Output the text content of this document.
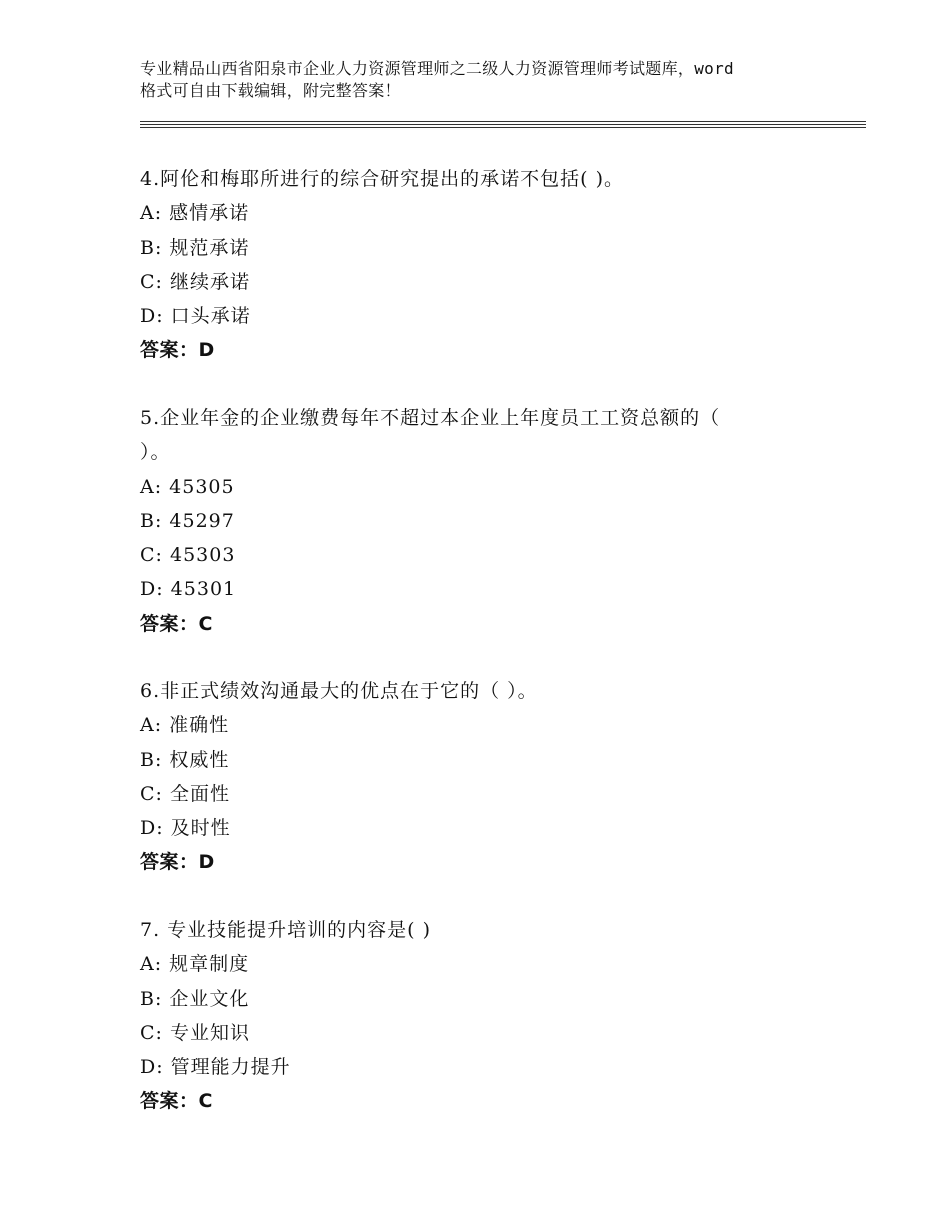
专业精品山西省阳泉市企业人力资源管理师之二级人力资源管理师考试题库，word
格式可自由下载编辑，附完整答案！
4.阿伦和梅耶所进行的综合研究提出的承诺不包括( )。
A: 感情承诺
B: 规范承诺
C: 继续承诺
D: 口头承诺
答案：D
5.企业年金的企业缴费每年不超过本企业上年度员工工资总额的（
）。
A: 45305
B: 45297
C: 45303
D: 45301
答案：C
6.非正式绩效沟通最大的优点在于它的（ ）。
A: 准确性
B: 权威性
C: 全面性
D: 及时性
答案：D
7. 专业技能提升培训的内容是( )
A: 规章制度
B: 企业文化
C: 专业知识
D: 管理能力提升
答案：C
